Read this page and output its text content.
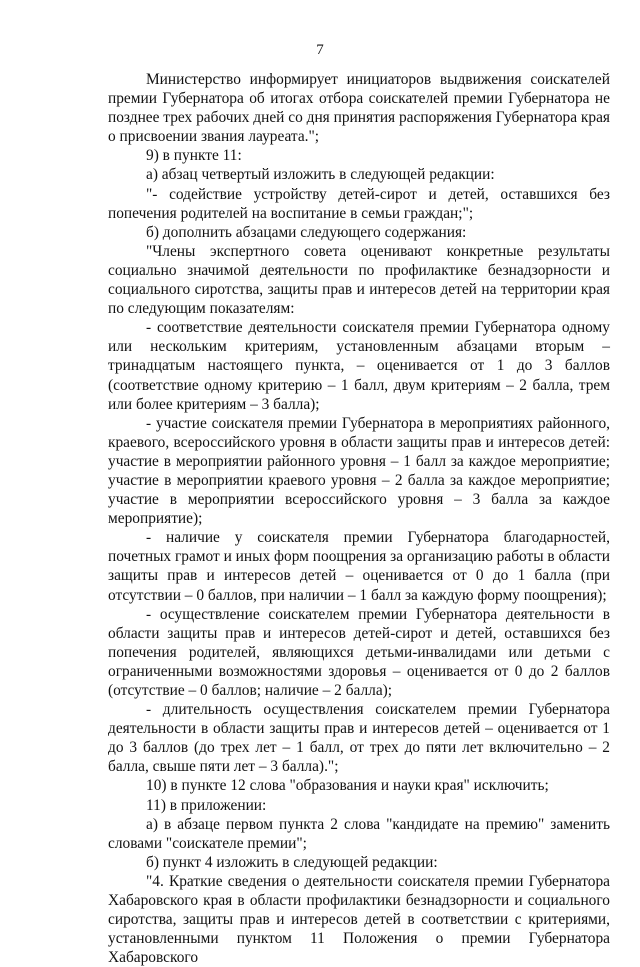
7

Министерство информирует инициаторов выдвижения соискателей премии Губернатора об итогах отбора соискателей премии Губернатора не позднее трех рабочих дней со дня принятия распоряжения Губернатора края о присвоении звания лауреата.";

9) в пункте 11:

а) абзац четвертый изложить в следующей редакции:

"- содействие устройству детей-сирот и детей, оставшихся без попечения родителей на воспитание в семьи граждан;";

б) дополнить абзацами следующего содержания:

"Члены экспертного совета оценивают конкретные результаты социально значимой деятельности по профилактике безнадзорности и социального сиротства, защиты прав и интересов детей на территории края по следующим показателям:

- соответствие деятельности соискателя премии Губернатора одному или нескольким критериям, установленным абзацами вторым – тринадцатым настоящего пункта, – оценивается от 1 до 3 баллов (соответствие одному критерию – 1 балл, двум критериям – 2 балла, трем или более критериям – 3 балла);

- участие соискателя премии Губернатора в мероприятиях районного, краевого, всероссийского уровня в области защиты прав и интересов детей: участие в мероприятии районного уровня – 1 балл за каждое мероприятие; участие в мероприятии краевого уровня – 2 балла за каждое мероприятие; участие в мероприятии всероссийского уровня – 3 балла за каждое мероприятие);

- наличие у соискателя премии Губернатора благодарностей, почетных грамот и иных форм поощрения за организацию работы в области защиты прав и интересов детей – оценивается от 0 до 1 балла (при отсутствии – 0 баллов, при наличии – 1 балл за каждую форму поощрения);

- осуществление соискателем премии Губернатора деятельности в области защиты прав и интересов детей-сирот и детей, оставшихся без попечения родителей, являющихся детьми-инвалидами или детьми с ограниченными возможностями здоровья – оценивается от 0 до 2 баллов (отсутствие – 0 баллов; наличие – 2 балла);

- длительность осуществления соискателем премии Губернатора деятельности в области защиты прав и интересов детей – оценивается от 1 до 3 баллов (до трех лет – 1 балл, от трех до пяти лет включительно – 2 балла, свыше пяти лет – 3 балла).";

10) в пункте 12 слова "образования и науки края" исключить;

11) в приложении:

а) в абзаце первом пункта 2 слова "кандидате на премию" заменить словами "соискателе премии";

б) пункт 4 изложить в следующей редакции:

"4. Краткие сведения о деятельности соискателя премии Губернатора Хабаровского края в области профилактики безнадзорности и социального сиротства, защиты прав и интересов детей в соответствии с критериями, установленными пунктом 11 Положения о премии Губернатора Хабаровского
